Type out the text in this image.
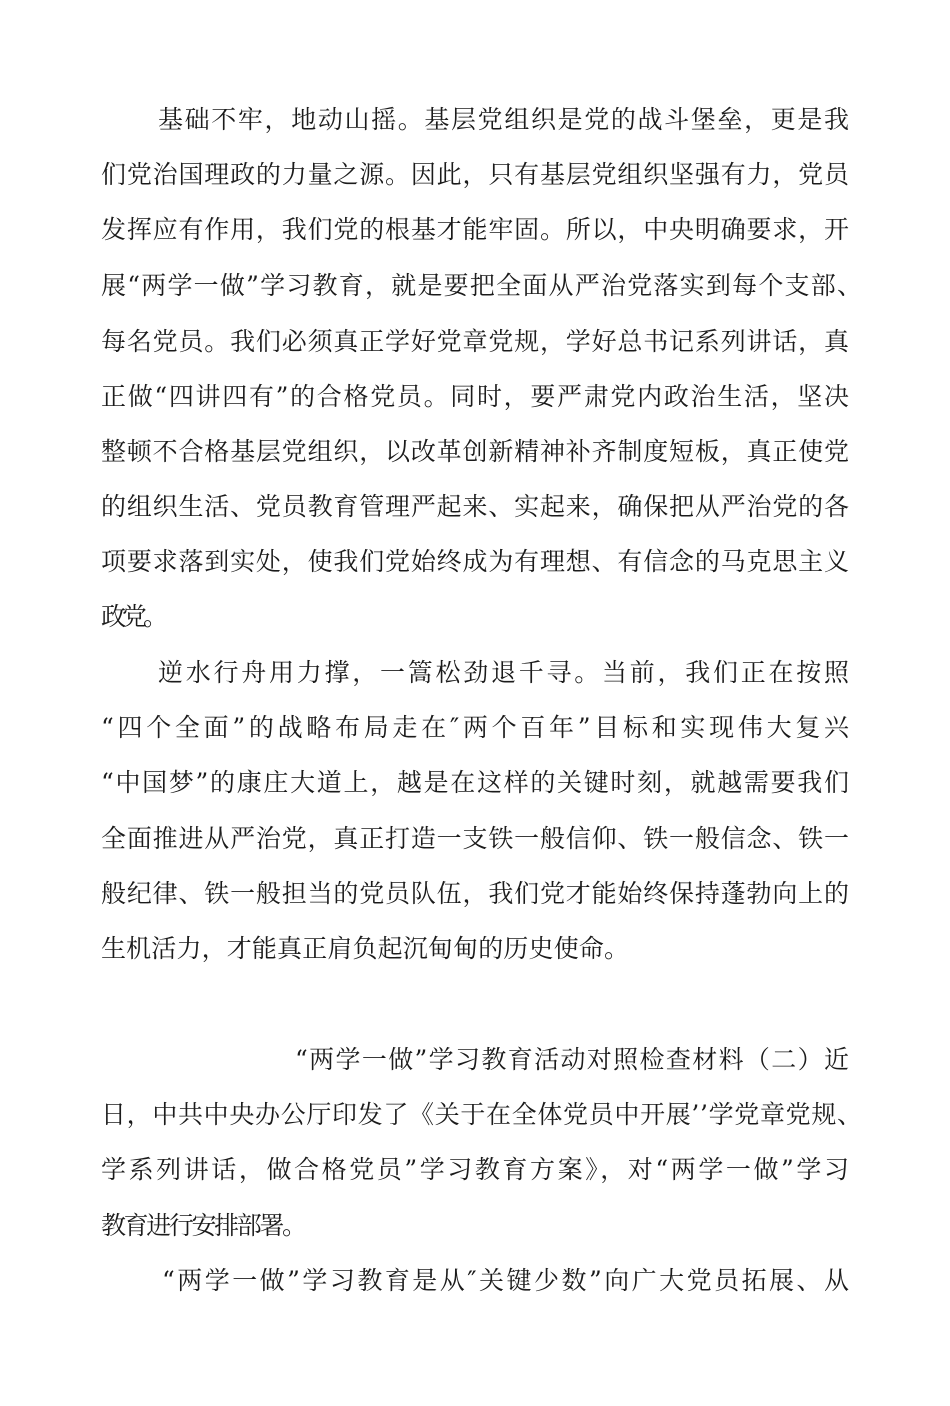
基础不牢，地动山摇。基层党组织是党的战斗堡垒，更是我

们党治国理政的力量之源。因此，只有基层党组织坚强有力，党员

发挥应有作用，我们党的根基才能牢固。所以，中央明确要求，开

展“两学一做”学习教育，就是要把全面从严治党落实到每个支部、

每名党员。我们必须真正学好党章党规，学好总书记系列讲话，真

正做“四讲四有”的合格党员。同时，要严肃党内政治生活，坚决

整顿不合格基层党组织，以改革创新精神补齐制度短板，真正使党

的组织生活、党员教育管理严起来、实起来，确保把从严治党的各

项要求落到实处，使我们党始终成为有理想、有信念的马克思主义

政党。

逆水行舟用力撑，一篙松劲退千寻。当前，我们正在按照

“四个全面”的战略布局走在″两个百年”目标和实现伟大复兴

“中国梦”的康庄大道上，越是在这样的关键时刻，就越需要我们

全面推进从严治党，真正打造一支铁一般信仰、铁一般信念、铁一

般纪律、铁一般担当的党员队伍，我们党才能始终保持蓬勃向上的

生机活力，才能真正肩负起沉甸甸的历史使命。

“两学一做”学习教育活动对照检查材料（二）近

日，中共中央办公厅印发了《关于在全体党员中开展’’学党章党规、

学系列讲话，做合格党员”学习教育方案》，对“两学一做”学习

教育进行安排部署。

“两学一做”学习教育是从″关键少数”向广大党员拓展、从
